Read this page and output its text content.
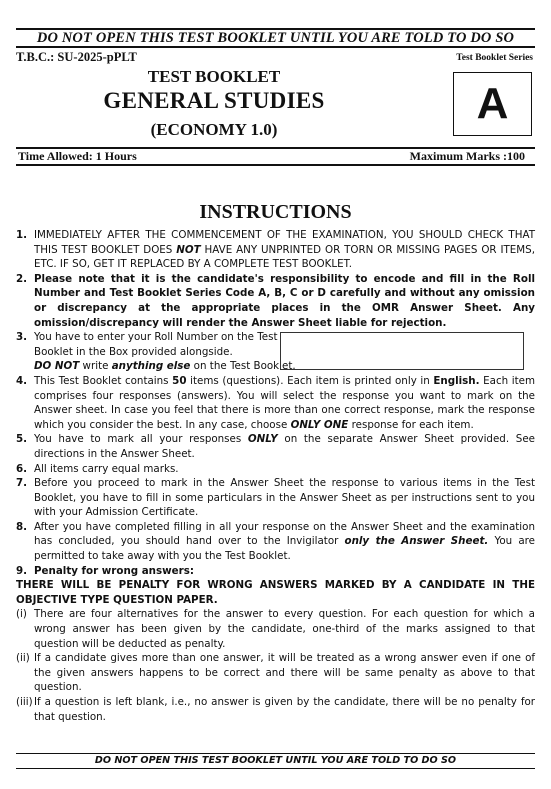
DO NOT OPEN THIS TEST BOOKLET UNTIL YOU ARE TOLD TO DO SO
T.B.C.: SU-2025-pPLT	Test Booklet Series
TEST BOOKLET
GENERAL STUDIES
(ECONOMY 1.0)
A
Time Allowed: 1 Hours	Maximum Marks :100
INSTRUCTIONS
1. IMMEDIATELY AFTER THE COMMENCEMENT OF THE EXAMINATION, YOU SHOULD CHECK THAT THIS TEST BOOKLET DOES NOT HAVE ANY UNPRINTED OR TORN OR MISSING PAGES OR ITEMS, ETC. IF SO, GET IT REPLACED BY A COMPLETE TEST BOOKLET.
2. Please note that it is the candidate's responsibility to encode and fill in the Roll Number and Test Booklet Series Code A, B, C or D carefully and without any omission or discrepancy at the appropriate places in the OMR Answer Sheet. Any omission/discrepancy will render the Answer Sheet liable for rejection.
3. You have to enter your Roll Number on the Test Booklet in the Box provided alongside.
DO NOT write anything else on the Test Booklet.
4. This Test Booklet contains 50 items (questions). Each item is printed only in English. Each item comprises four responses (answers). You will select the response you want to mark on the Answer sheet. In case you feel that there is more than one correct response, mark the response which you consider the best. In any case, choose ONLY ONE response for each item.
5. You have to mark all your responses ONLY on the separate Answer Sheet provided. See directions in the Answer Sheet.
6. All items carry equal marks.
7. Before you proceed to mark in the Answer Sheet the response to various items in the Test Booklet, you have to fill in some particulars in the Answer Sheet as per instructions sent to you with your Admission Certificate.
8. After you have completed filling in all your response on the Answer Sheet and the examination has concluded, you should hand over to the Invigilator only the Answer Sheet. You are permitted to take away with you the Test Booklet.
9. Penalty for wrong answers:
THERE WILL BE PENALTY FOR WRONG ANSWERS MARKED BY A CANDIDATE IN THE OBJECTIVE TYPE QUESTION PAPER.
(i) There are four alternatives for the answer to every question. For each question for which a wrong answer has been given by the candidate, one-third of the marks assigned to that question will be deducted as penalty.
(ii) If a candidate gives more than one answer, it will be treated as a wrong answer even if one of the given answers happens to be correct and there will be same penalty as above to that question.
(iii) If a question is left blank, i.e., no answer is given by the candidate, there will be no penalty for that question.
DO NOT OPEN THIS TEST BOOKLET UNTIL YOU ARE TOLD TO DO SO
